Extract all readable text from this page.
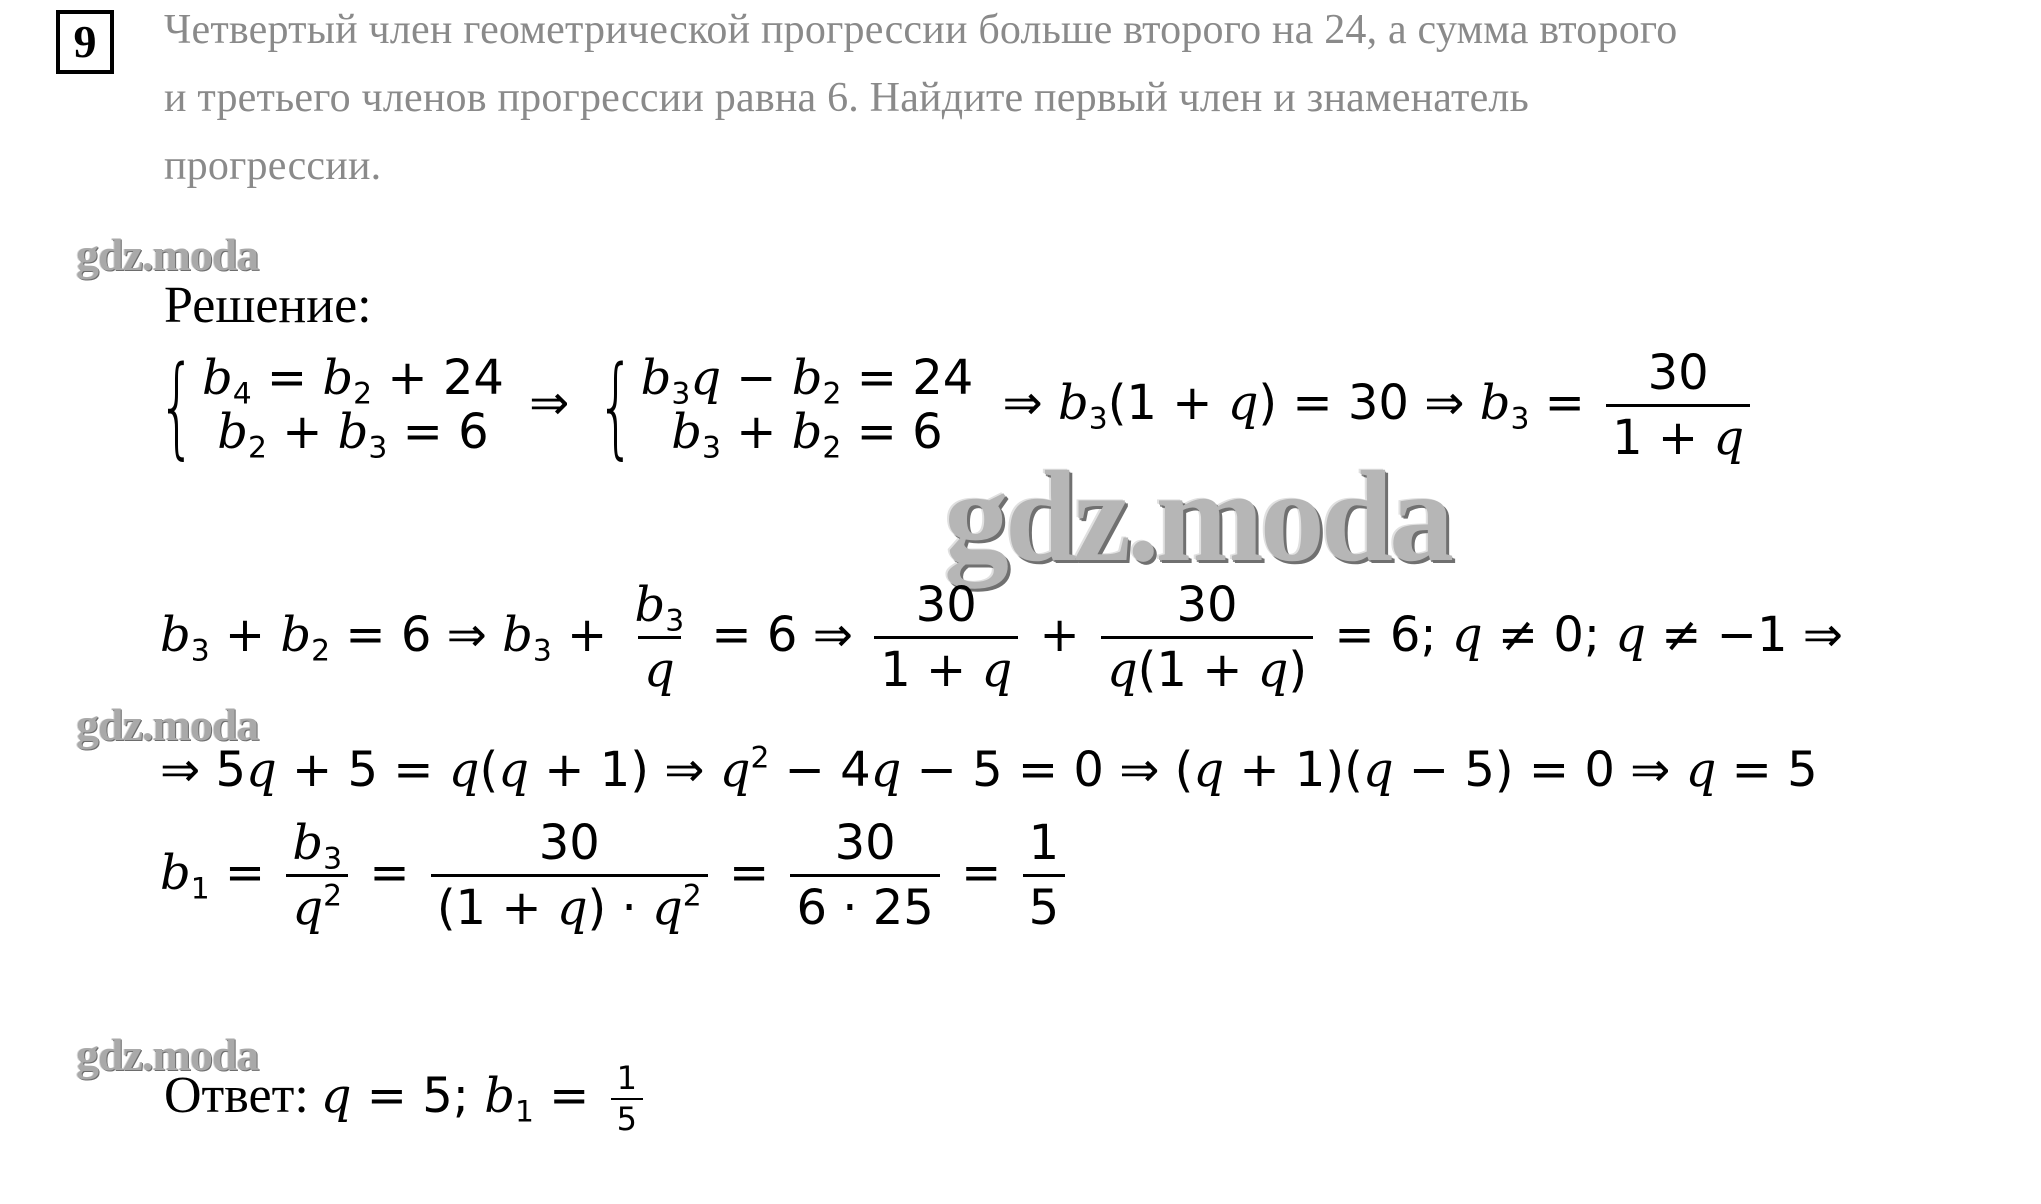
9	Четвертый член геометрической прогрессии больше второго на 24, а сумма второго
и третьего членов прогрессии равна 6. Найдите первый член и знаменатель
прогрессии.
gdz.moda
gdz.moda
gdz.moda
gdz.moda
Решение:
{ $b_4 = b_2 + 24$
$b_2 + b_3 = 6$
⇒ { $b_3q - b_2 = 24$
$b_3 + b_2 = 6$
⇒ $b_3(1 + q) = 30$ ⇒ $b_3 = \frac{30}{1 + q}$
$b_3 + b_2 = 6$ ⇒ $b_3 + \frac{b_3}{q} = 6$ ⇒ $\frac{30}{1 + q} + \frac{30}{q(1 + q)} = 6$; q ≠ 0; q ≠ −1 ⇒
⇒ 5q + 5 = q(q + 1) ⇒ $q^2 - 4q - 5 = 0$ ⇒ (q + 1)(q − 5) = 0 ⇒ q = 5
$b_1 = \frac{b_3}{q^2} = \frac{30}{(1 + q) \cdot q^2} = \frac{30}{6 \cdot 25} = \frac{1}{5}$
Ответ: q = 5; $b_1 = \frac{1}{5}$
